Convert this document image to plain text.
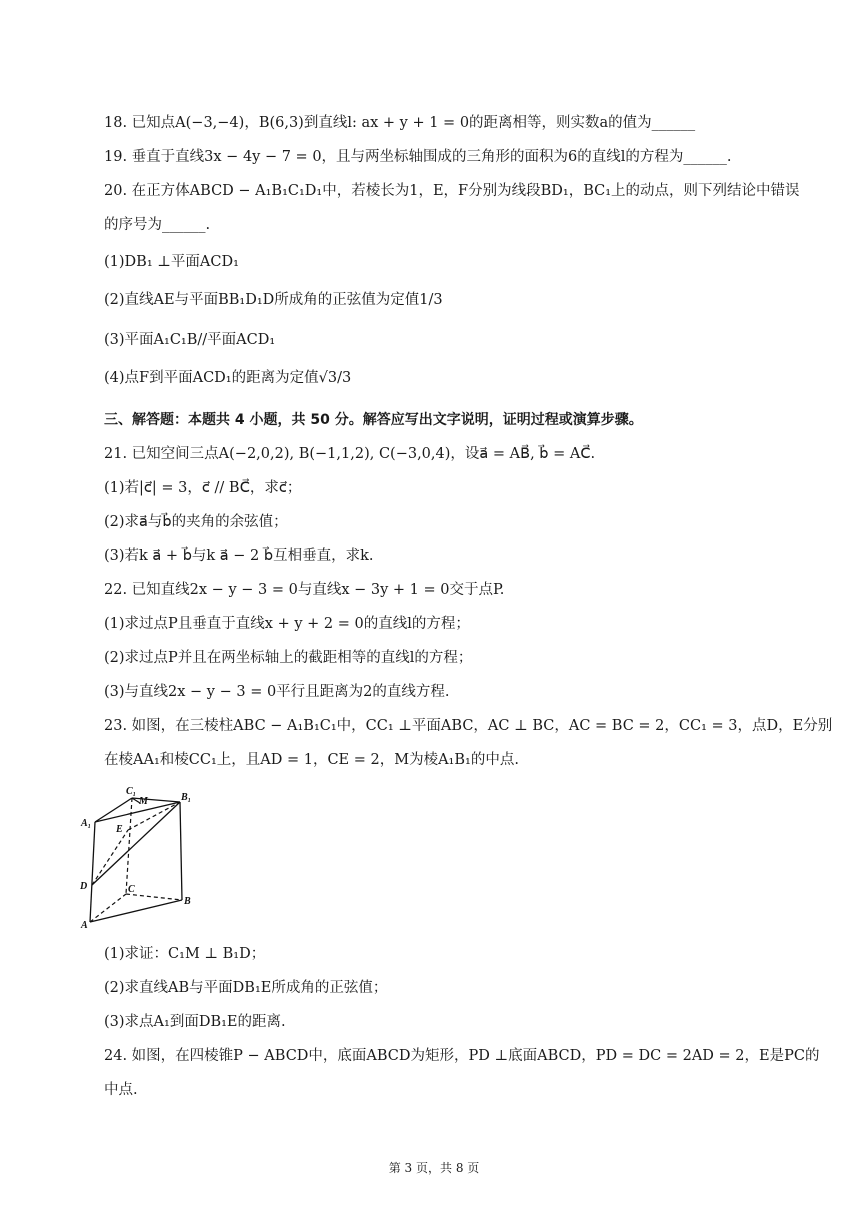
18. 已知点A(−3,−4)，B(6,3)到直线l: ax + y + 1 = 0的距离相等，则实数a的值为______
19. 垂直于直线3x − 4y − 7 = 0，且与两坐标轴围成的三角形的面积为6的直线l的方程为______.
20. 在正方体ABCD − A₁B₁C₁D₁中，若棱长为1，E，F分别为线段BD₁，BC₁上的动点，则下列结论中错误
的序号为______.
(1)DB₁ ⊥平面ACD₁
(2)直线AE与平面BB₁D₁D所成角的正弦值为定值1/3
(3)平面A₁C₁B//平面ACD₁
(4)点F到平面ACD₁的距离为定值√3/3
三、解答题：本题共 4 小题，共 50 分。解答应写出文字说明，证明过程或演算步骤。
21. 已知空间三点A(−2,0,2), B(−1,1,2), C(−3,0,4)，设a⃗ = AB⃗, b⃗ = AC⃗.
(1)若|c⃗| = 3，c⃗ // BC⃗，求c⃗；
(2)求a⃗与b⃗的夹角的余弦值；
(3)若k a⃗ + b⃗与k a⃗ − 2 b⃗互相垂直，求k.
22. 已知直线2x − y − 3 = 0与直线x − 3y + 1 = 0交于点P.
(1)求过点P且垂直于直线x + y + 2 = 0的直线l的方程；
(2)求过点P并且在两坐标轴上的截距相等的直线l的方程；
(3)与直线2x − y − 3 = 0平行且距离为2的直线方程.
23. 如图，在三棱柱ABC − A₁B₁C₁中，CC₁ ⊥平面ABC，AC ⊥ BC，AC = BC = 2，CC₁ = 3，点D，E分别
在棱AA₁和棱CC₁上，且AD = 1，CE = 2，M为棱A₁B₁的中点.
C₁
M	B₁
A₁
E
D	C
B
A
(1)求证：C₁M ⊥ B₁D；
(2)求直线AB与平面DB₁E所成角的正弦值；
(3)求点A₁到面DB₁E的距离.
24. 如图，在四棱锥P − ABCD中，底面ABCD为矩形，PD ⊥底面ABCD，PD = DC = 2AD = 2，E是PC的
中点.
第 3 页，共 8 页
